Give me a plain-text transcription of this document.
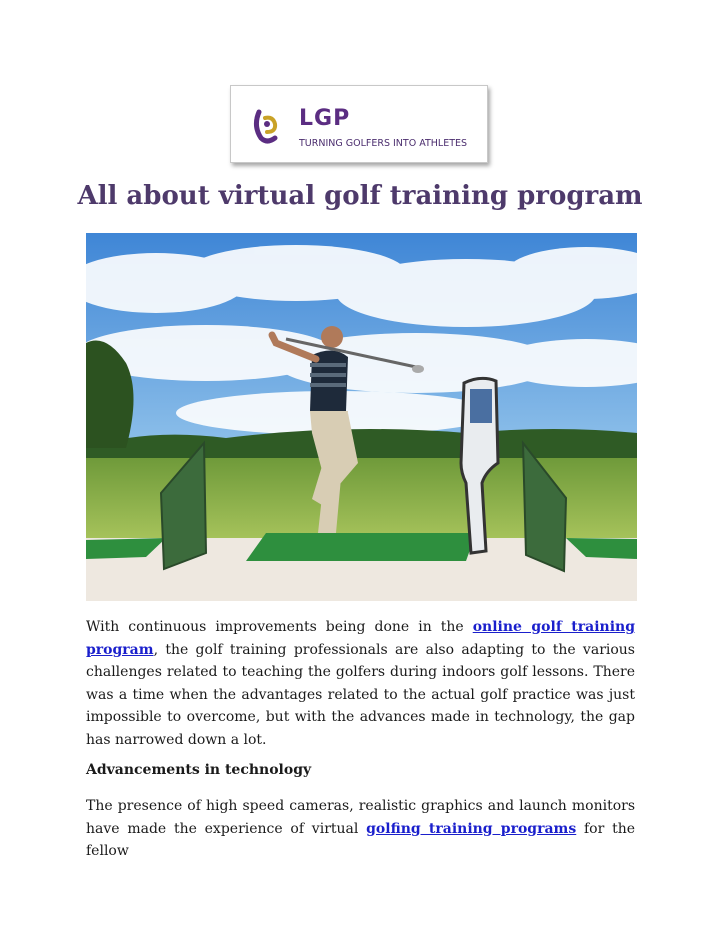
LGP
TURNING GOLFERS INTO ATHLETES
All about virtual golf training program

With continuous improvements being done in the online golf training program, the golf training professionals are also adapting to the various challenges related to teaching the golfers during indoors golf lessons. There was a time when the advantages related to the actual golf practice was just impossible to overcome, but with the advances made in technology, the gap has narrowed down a lot.

Advancements in technology

The presence of high speed cameras, realistic graphics and launch monitors have made the experience of virtual golfing training programs for the fellow
